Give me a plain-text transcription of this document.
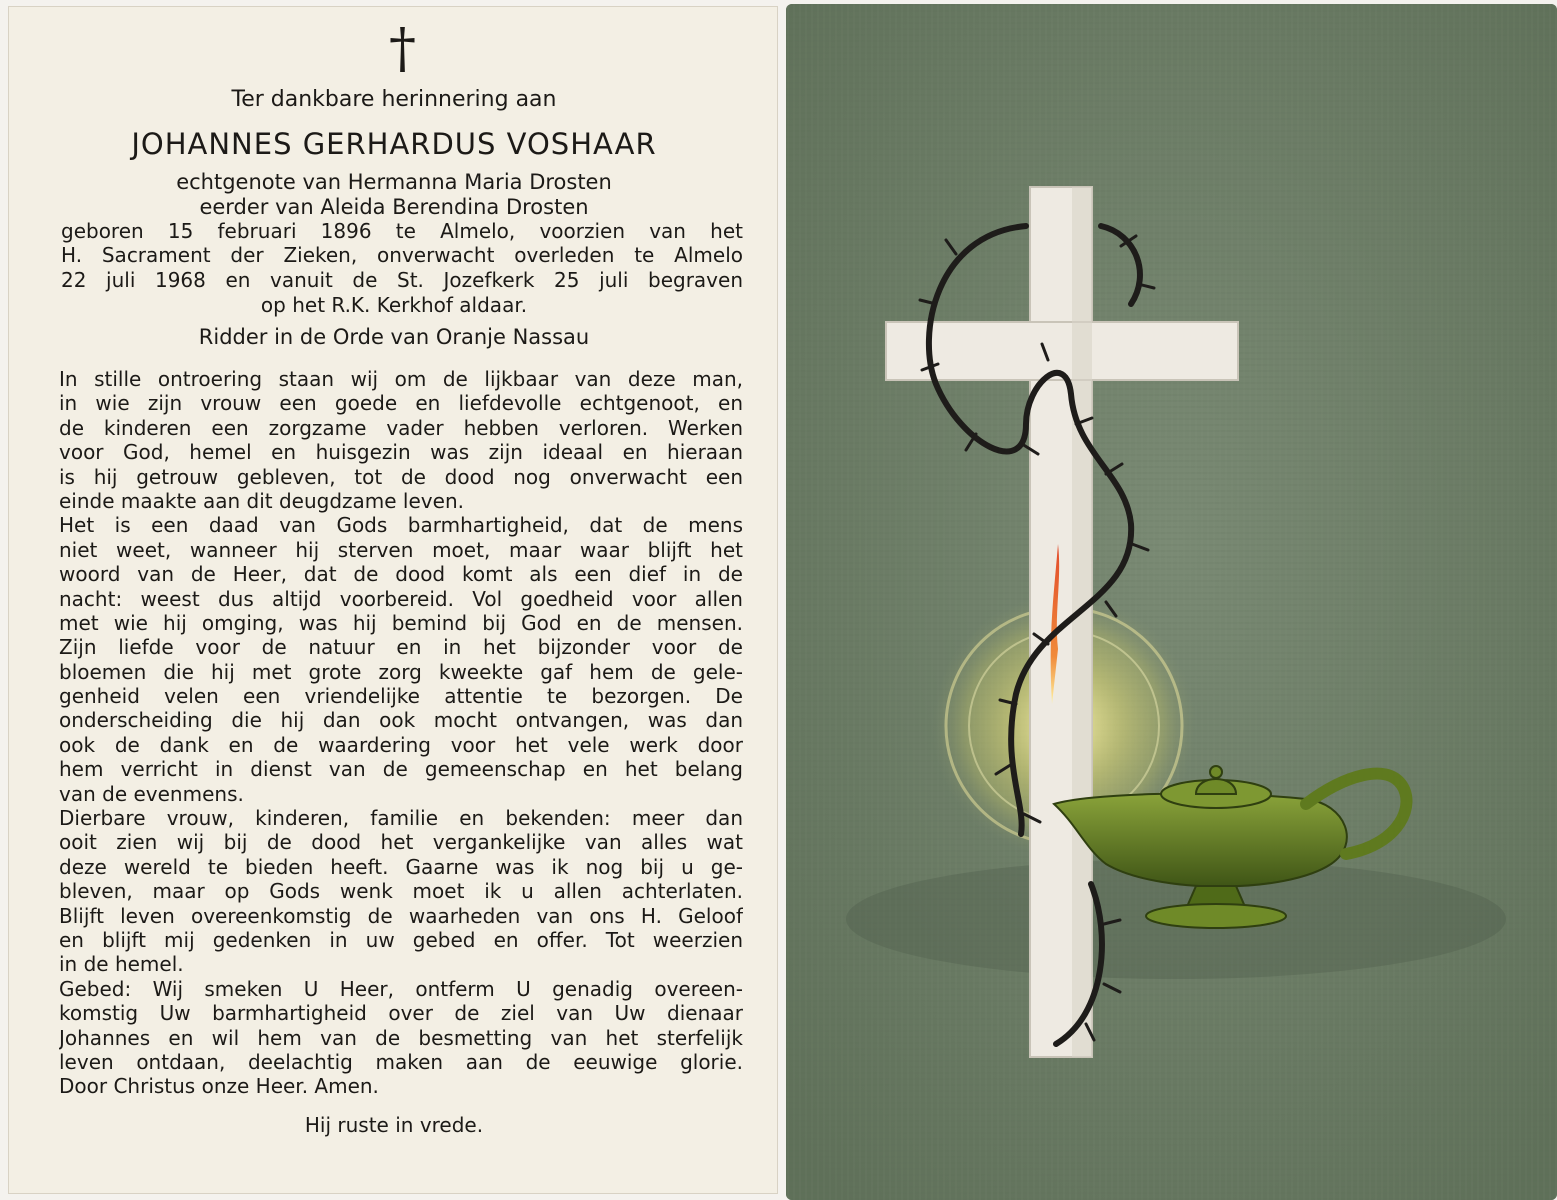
†
Ter dankbare herinnering aan
JOHANNES GERHARDUS VOSHAAR
echtgenote van Hermanna Maria Drosten
eerder van Aleida Berendina Drosten
geboren 15 februari 1896 te Almelo, voorzien van het
H. Sacrament der Zieken, onverwacht overleden te Almelo
22 juli 1968 en vanuit de St. Jozefkerk 25 juli begraven
op het R.K. Kerkhof aldaar.
Ridder in de Orde van Oranje Nassau
In stille ontroering staan wij om de lijkbaar van deze man,
in wie zijn vrouw een goede en liefdevolle echtgenoot, en
de kinderen een zorgzame vader hebben verloren. Werken
voor God, hemel en huisgezin was zijn ideaal en hieraan
is hij getrouw gebleven, tot de dood nog onverwacht een
einde maakte aan dit deugdzame leven.
Het is een daad van Gods barmhartigheid, dat de mens
niet weet, wanneer hij sterven moet, maar waar blijft het
woord van de Heer, dat de dood komt als een dief in de
nacht: weest dus altijd voorbereid. Vol goedheid voor allen
met wie hij omging, was hij bemind bij God en de mensen.
Zijn liefde voor de natuur en in het bijzonder voor de
bloemen die hij met grote zorg kweekte gaf hem de gele-
genheid velen een vriendelijke attentie te bezorgen. De
onderscheiding die hij dan ook mocht ontvangen, was dan
ook de dank en de waardering voor het vele werk door
hem verricht in dienst van de gemeenschap en het belang
van de evenmens.
Dierbare vrouw, kinderen, familie en bekenden: meer dan
ooit zien wij bij de dood het vergankelijke van alles wat
deze wereld te bieden heeft. Gaarne was ik nog bij u ge-
bleven, maar op Gods wenk moet ik u allen achterlaten.
Blijft leven overeenkomstig de waarheden van ons H. Geloof
en blijft mij gedenken in uw gebed en offer. Tot weerzien
in de hemel.
Gebed: Wij smeken U Heer, ontferm U genadig overeen-
komstig Uw barmhartigheid over de ziel van Uw dienaar
Johannes en wil hem van de besmetting van het sterfelijk
leven ontdaan, deelachtig maken aan de eeuwige glorie.
Door Christus onze Heer. Amen.
Hij ruste in vrede.
